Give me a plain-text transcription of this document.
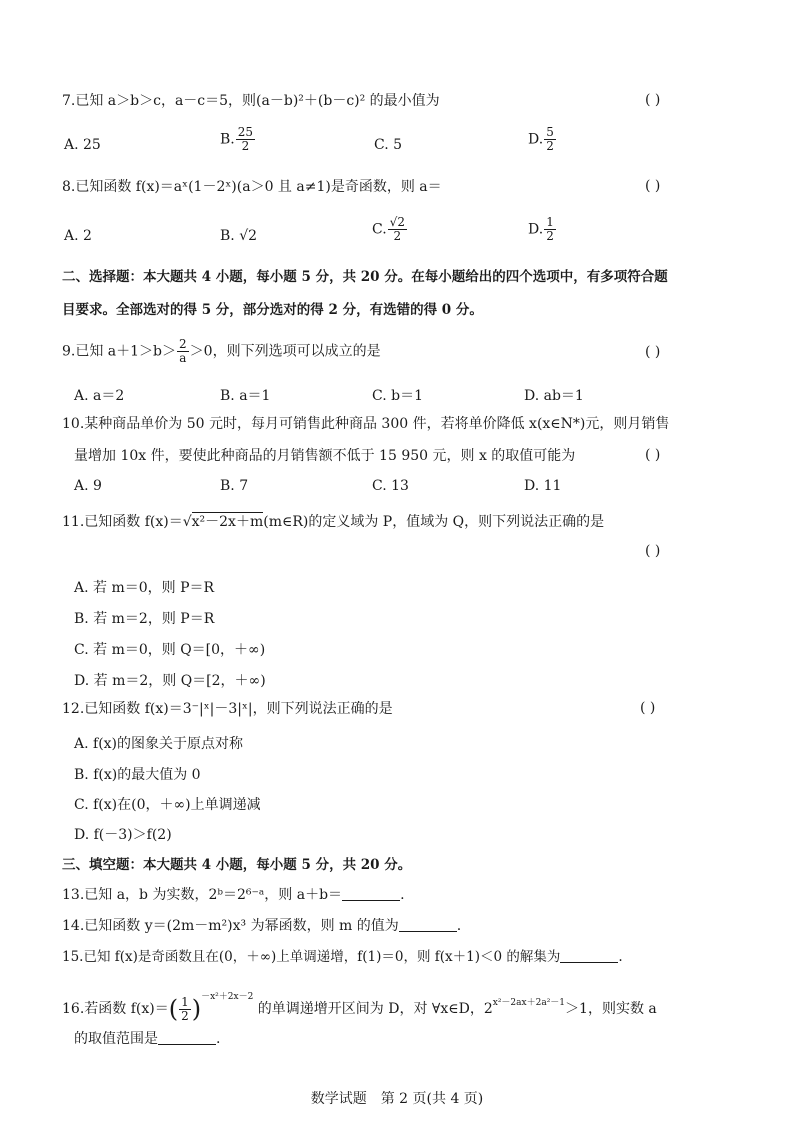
7.已知 a＞b＞c，a－c＝5，则(a－b)²＋(b－c)² 的最小值为	( )
A. 25	B. $\frac{25}{2}$	C. 5	D. $\frac{5}{2}$
8.已知函数 f(x)＝aˣ(1－2ˣ)(a＞0 且 a≠1)是奇函数，则 a＝	( )
A. 2	B. √2	C. $\frac{√2}{2}$	D. $\frac{1}{2}$
二、选择题：本大题共 4 小题，每小题 5 分，共 20 分。在每小题给出的四个选项中，有多项符合题
目要求。全部选对的得 5 分，部分选对的得 2 分，有选错的得 0 分。
9.已知 $a+1>b> \frac{2}{a} >0$，则下列选项可以成立的是	( )
A. a＝2	B. a＝1	C. b＝1	D. ab＝1
10.某种商品单价为 50 元时，每月可销售此种商品 300 件，若将单价降低 x(x∈N*)元，则月销售
量增加 10x 件，要使此种商品的月销售额不低于 15 950 元，则 x 的取值可能为	( )
A. 9	B. 7	C. 13	D. 11
11.已知函数 f(x)＝√x²－2x＋m(m∈R)的定义域为 P，值域为 Q，则下列说法正确的是
( )
A. 若 m＝0，则 P＝R
B. 若 m＝2，则 P＝R
C. 若 m＝0，则 Q＝[0，＋∞)
D. 若 m＝2，则 Q＝[2，＋∞)
12.已知函数 f(x)＝3⁻|ˣ|－3|ˣ|，则下列说法正确的是	( )
A. f(x)的图象关于原点对称
B. f(x)的最大值为 0
C. f(x)在(0，＋∞)上单调递减
D. f(－3)＞f(2)
三、填空题：本大题共 4 小题，每小题 5 分，共 20 分。
13.已知 a，b 为实数，2ᵇ＝2⁶⁻ᵃ，则 a＋b＝	.
14.已知函数 y＝(2m－m²)x³ 为幂函数，则 m 的值为	.
15.已知 f(x)是奇函数且在(0，＋∞)上单调递增，f(1)＝0，则 f(x＋1)＜0 的解集为	.
16.若函数 $f(x)=( \frac{1}{2} )^{-x^2+2x-2}$ 的单调递增开区间为 D，对 ∀x∈D，$2^{x^2-2ax+2a^2-1}>1$，则实数 a
的取值范围是	.
数学试题　第 2 页(共 4 页)
